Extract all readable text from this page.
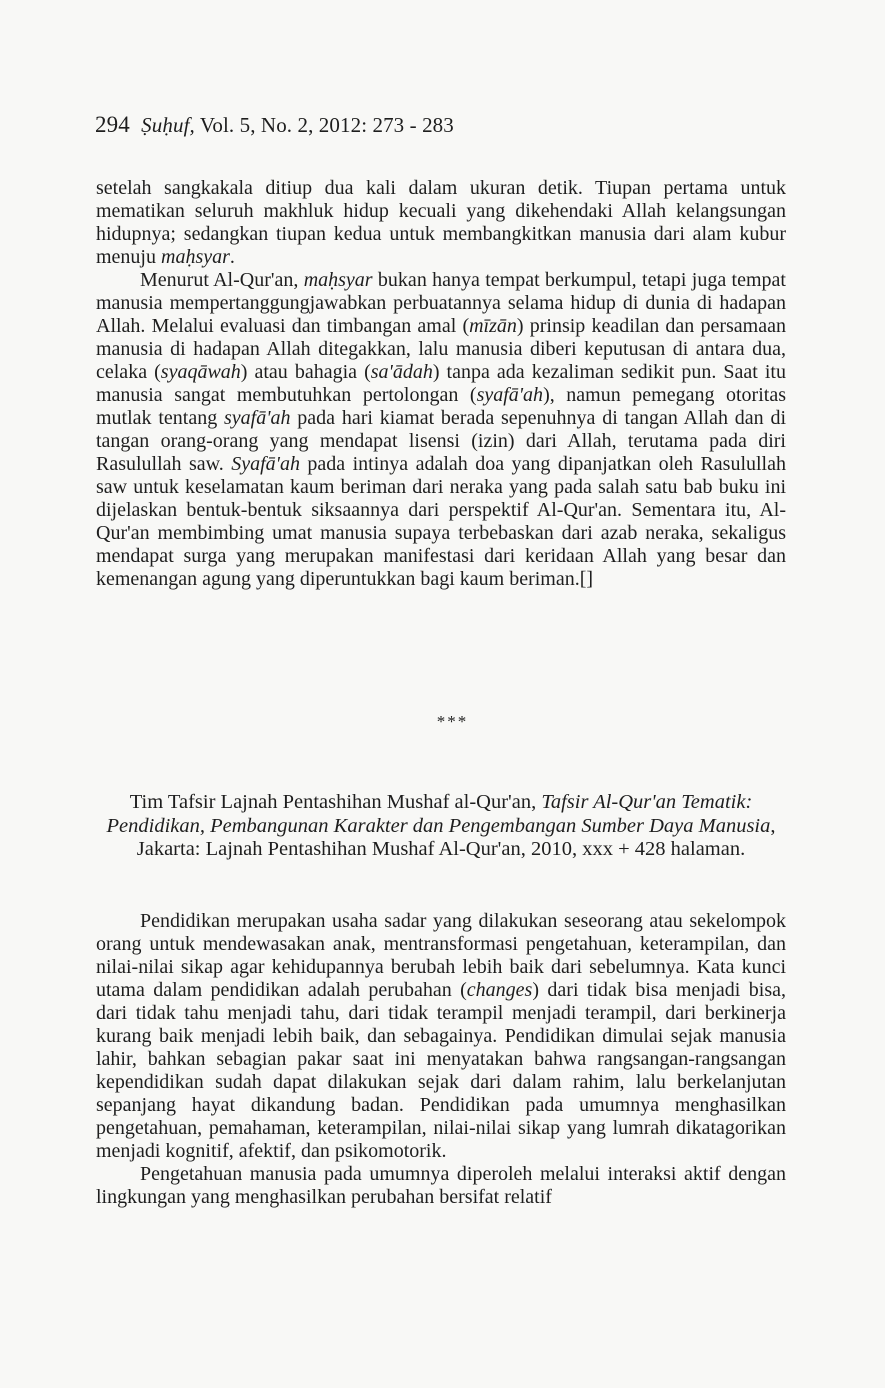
294 Ṣuḥuf, Vol. 5, No. 2, 2012: 273 - 283

setelah sangkakala ditiup dua kali dalam ukuran detik. Tiupan pertama untuk mematikan seluruh makhluk hidup kecuali yang dikehendaki Allah kelangsungan hidupnya; sedangkan tiupan kedua untuk membangkitkan manusia dari alam kubur menuju maḥsyar.

Menurut Al-Qur'an, maḥsyar bukan hanya tempat berkumpul, tetapi juga tempat manusia mempertanggungjawabkan perbuatannya selama hidup di dunia di hadapan Allah. Melalui evaluasi dan timbangan amal (mīzān) prinsip keadilan dan persamaan manusia di hadapan Allah ditegakkan, lalu manusia diberi keputusan di antara dua, celaka (syaqāwah) atau bahagia (sa'ādah) tanpa ada kezaliman sedikit pun. Saat itu manusia sangat membutuhkan pertolongan (syafā'ah), namun pemegang otoritas mutlak tentang syafā'ah pada hari kiamat berada sepenuhnya di tangan Allah dan di tangan orang-orang yang mendapat lisensi (izin) dari Allah, terutama pada diri Rasulullah saw. Syafā'ah pada intinya adalah doa yang dipanjatkan oleh Rasulullah saw untuk keselamatan kaum beriman dari neraka yang pada salah satu bab buku ini dijelaskan bentuk-bentuk siksaannya dari perspektif Al-Qur'an. Sementara itu, Al-Qur'an membimbing umat manusia supaya terbebaskan dari azab neraka, sekaligus mendapat surga yang merupakan manifestasi dari keridaan Allah yang besar dan kemenangan agung yang diperuntukkan bagi kaum beriman.[]

***
Tim Tafsir Lajnah Pentashihan Mushaf al-Qur'an, Tafsir Al-Qur'an Tematik: Pendidikan, Pembangunan Karakter dan Pengembangan Sumber Daya Manusia, Jakarta: Lajnah Pentashihan Mushaf Al-Qur'an, 2010, xxx + 428 halaman.

Pendidikan merupakan usaha sadar yang dilakukan seseorang atau sekelompok orang untuk mendewasakan anak, mentransformasi pengetahuan, keterampilan, dan nilai-nilai sikap agar kehidupannya berubah lebih baik dari sebelumnya. Kata kunci utama dalam pendidikan adalah perubahan (changes) dari tidak bisa menjadi bisa, dari tidak tahu menjadi tahu, dari tidak terampil menjadi terampil, dari berkinerja kurang baik menjadi lebih baik, dan sebagainya. Pendidikan dimulai sejak manusia lahir, bahkan sebagian pakar saat ini menyatakan bahwa rangsangan-rangsangan kependidikan sudah dapat dilakukan sejak dari dalam rahim, lalu berkelanjutan sepanjang hayat dikandung badan. Pendidikan pada umumnya menghasilkan pengetahuan, pemahaman, keterampilan, nilai-nilai sikap yang lumrah dikatagorikan menjadi kognitif, afektif, dan psikomotorik.

Pengetahuan manusia pada umumnya diperoleh melalui interaksi aktif dengan lingkungan yang menghasilkan perubahan bersifat relatif
